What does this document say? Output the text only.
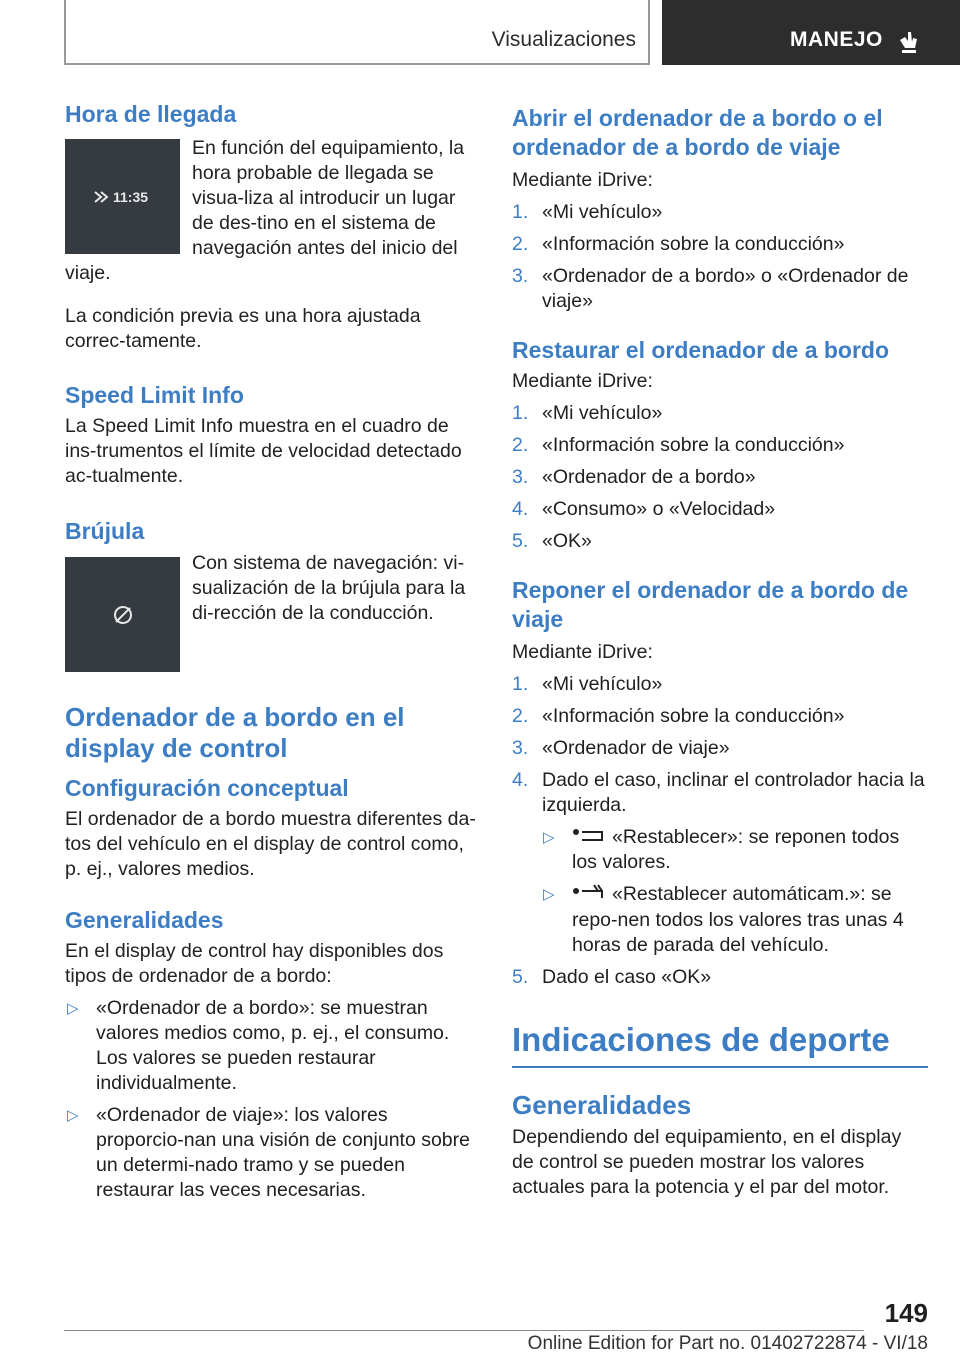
Visualizaciones	MANEJO
Hora de llegada
11:35

En función del equipamiento, la hora probable de llegada se visua-liza al introducir un lugar de des-tino en el sistema de navegación antes del inicio del viaje.

La condición previa es una hora ajustada correc-tamente.

Speed Limit Info

La Speed Limit Info muestra en el cuadro de ins-trumentos el límite de velocidad detectado ac-tualmente.

Brújula

Con sistema de navegación: vi-sualización de la brújula para la di-rección de la conducción.

Ordenador de a bordo en el display de control
Configuración conceptual

El ordenador de a bordo muestra diferentes da-tos del vehículo en el display de control como, p. ej., valores medios.

Generalidades

En el display de control hay disponibles dos tipos de ordenador de a bordo:

▷ «Ordenador de a bordo»: se muestran valores medios como, p. ej., el consumo. Los valores se pueden restaurar individualmente.
▷ «Ordenador de viaje»: los valores proporcio-nan una visión de conjunto sobre un determi-nado tramo y se pueden restaurar las veces necesarias.
Abrir el ordenador de a bordo o el ordenador de a bordo de viaje

Mediante iDrive:

1. «Mi vehículo»
2. «Información sobre la conducción»
3. «Ordenador de a bordo» o «Ordenador de viaje»
Restaurar el ordenador de a bordo

Mediante iDrive:

1. «Mi vehículo»
2. «Información sobre la conducción»
3. «Ordenador de a bordo»
4. «Consumo» o «Velocidad»
5. «OK»
Reponer el ordenador de a bordo de viaje

Mediante iDrive:

1. «Mi vehículo»
2. «Información sobre la conducción»
3. «Ordenador de viaje»
4. Dado el caso, inclinar el controlador hacia la izquierda.
▷	«Restablecer»: se reponen todos los valores.
▷	«Restablecer automáticam.»: se repo-nen todos los valores tras unas 4 horas de parada del vehículo.
5. Dado el caso «OK»
Indicaciones de deporte
Generalidades

Dependiendo del equipamiento, en el display de control se pueden mostrar los valores actuales para la potencia y el par del motor.

149
Online Edition for Part no. 01402722874 - VI/18
